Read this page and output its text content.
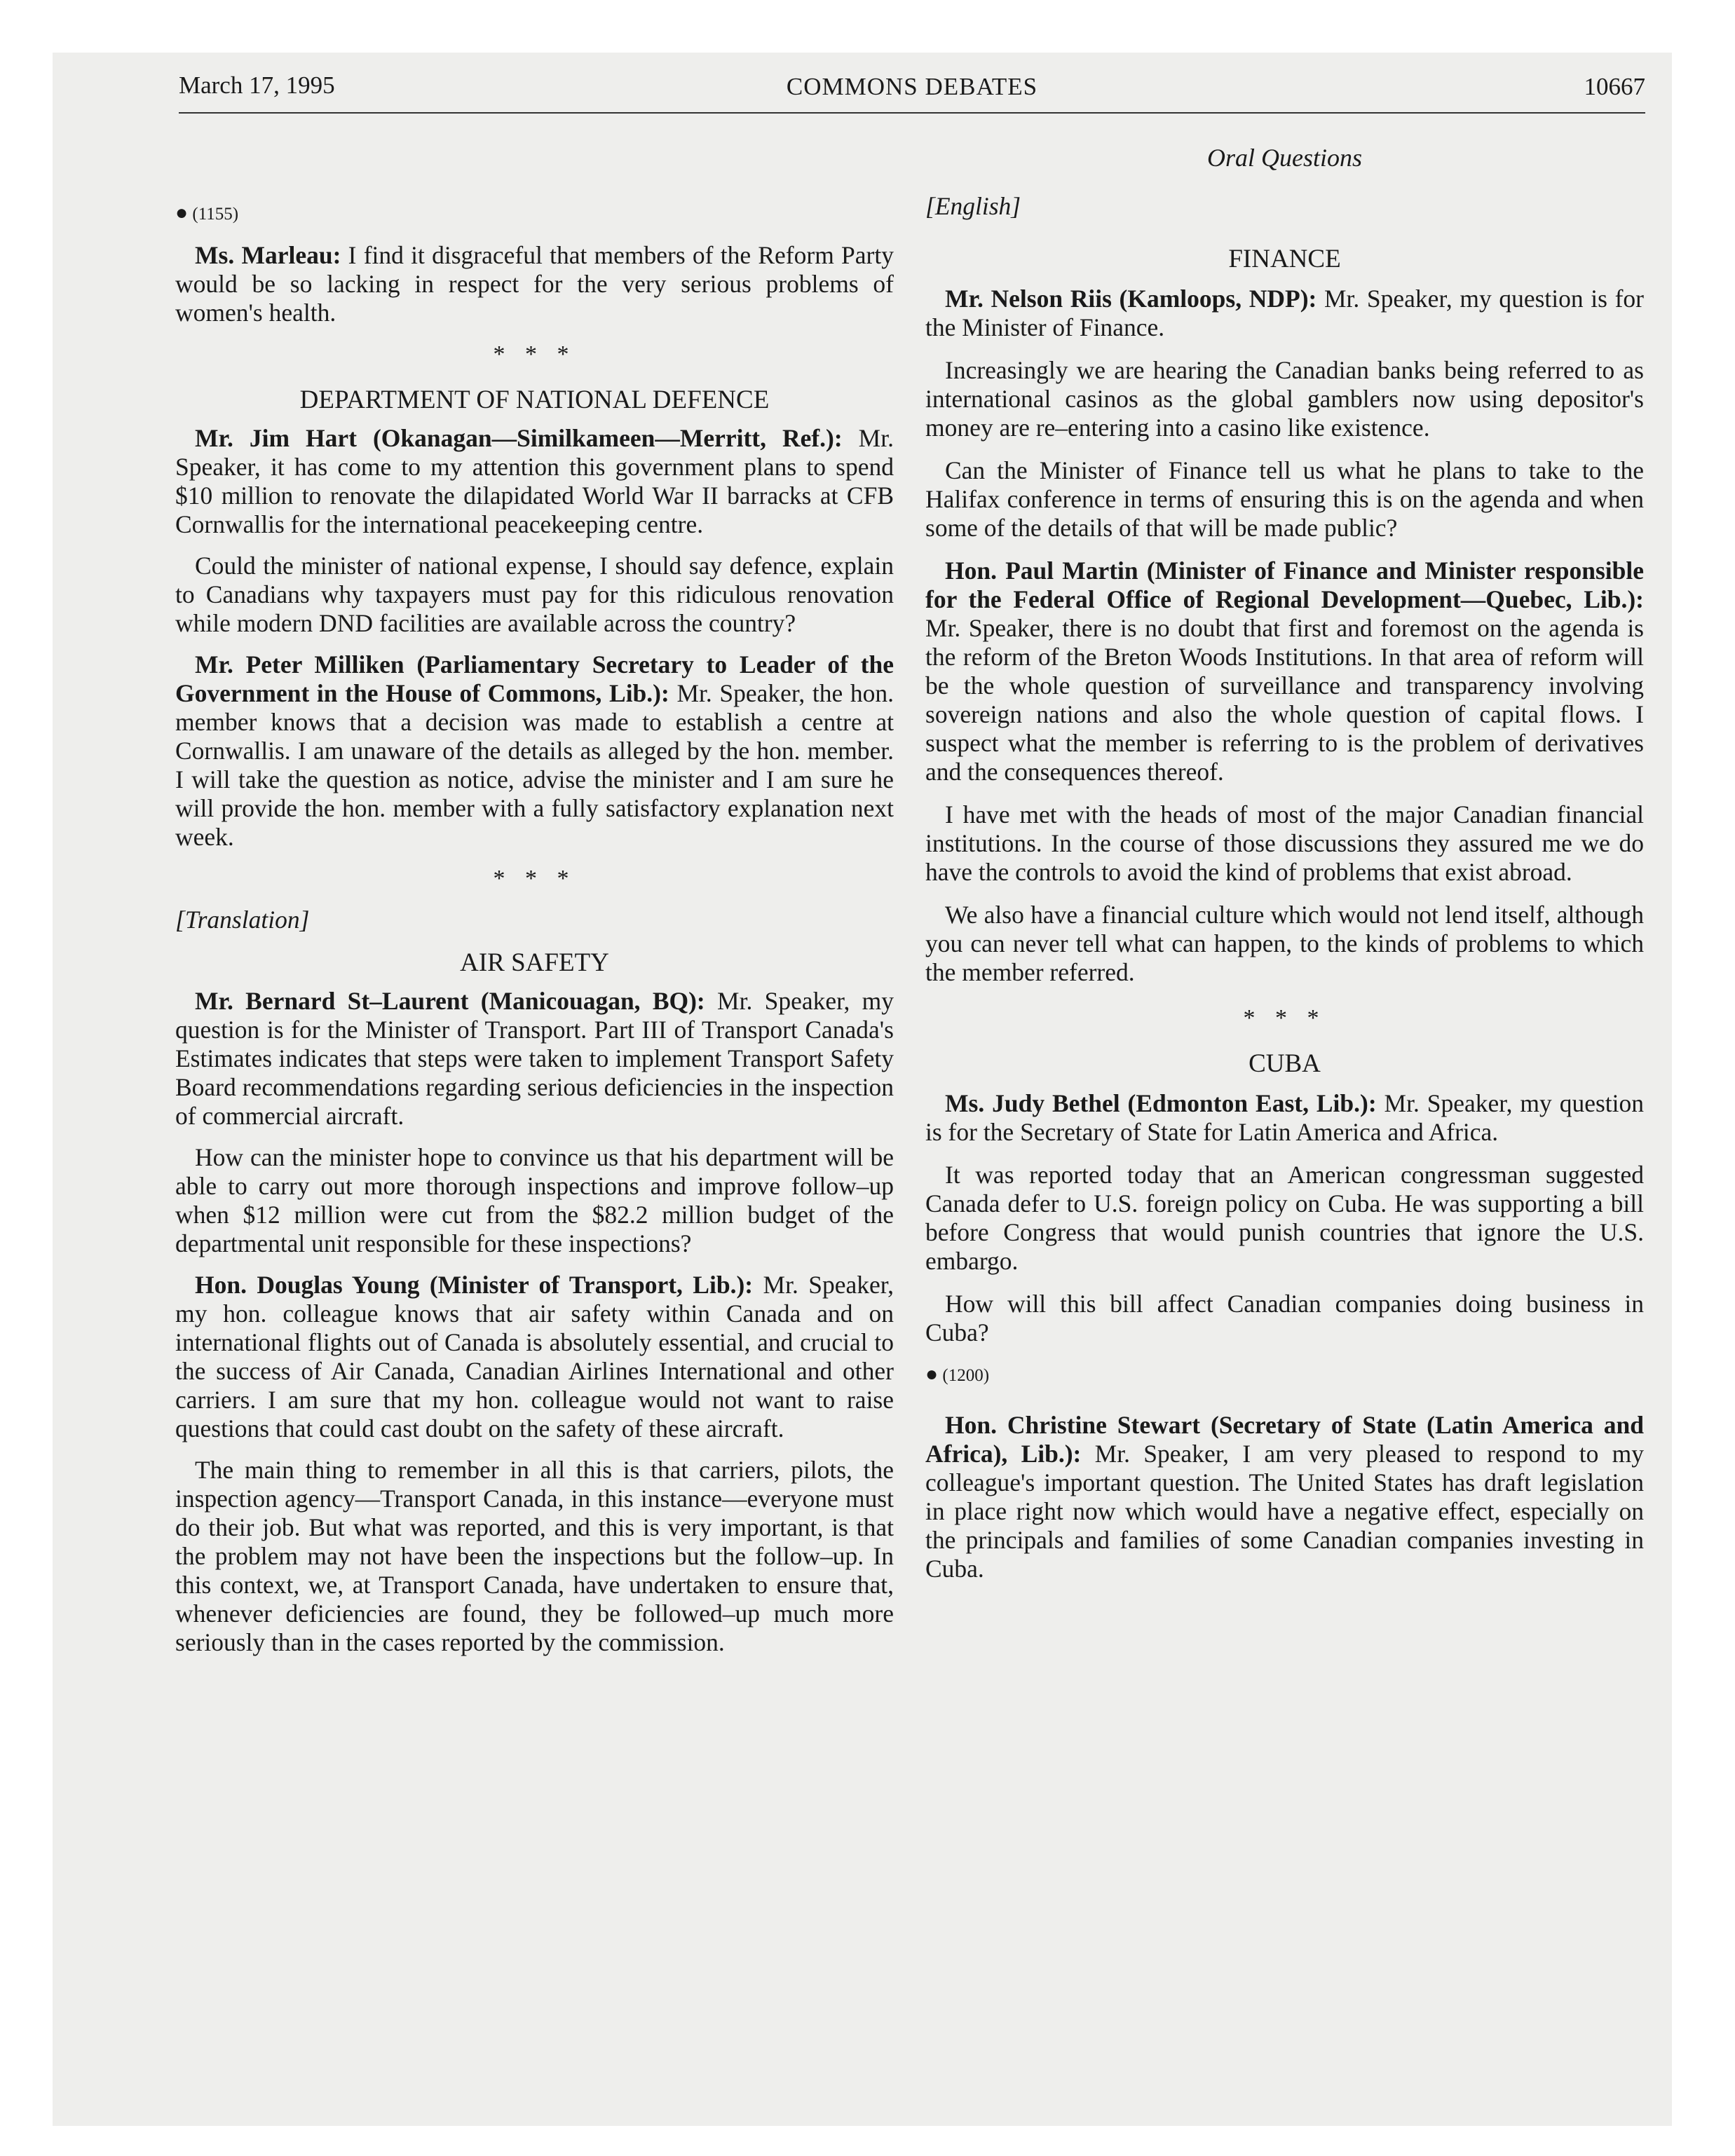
March 17, 1995	COMMONS DEBATES	10667

● (1155)

Ms. Marleau: I find it disgraceful that members of the Reform Party would be so lacking in respect for the very serious problems of women's health.

* * *

DEPARTMENT OF NATIONAL DEFENCE

Mr. Jim Hart (Okanagan—Similkameen—Merritt, Ref.): Mr. Speaker, it has come to my attention this government plans to spend $10 million to renovate the dilapidated World War II barracks at CFB Cornwallis for the international peacekeeping centre.

Could the minister of national expense, I should say defence, explain to Canadians why taxpayers must pay for this ridiculous renovation while modern DND facilities are available across the country?

Mr. Peter Milliken (Parliamentary Secretary to Leader of the Government in the House of Commons, Lib.): Mr. Speaker, the hon. member knows that a decision was made to establish a centre at Cornwallis. I am unaware of the details as alleged by the hon. member. I will take the question as notice, advise the minister and I am sure he will provide the hon. member with a fully satisfactory explanation next week.

* * *

[Translation]

AIR SAFETY

Mr. Bernard St–Laurent (Manicouagan, BQ): Mr. Speaker, my question is for the Minister of Transport. Part III of Transport Canada's Estimates indicates that steps were taken to implement Transport Safety Board recommendations regarding serious deficiencies in the inspection of commercial aircraft.

How can the minister hope to convince us that his department will be able to carry out more thorough inspections and improve follow–up when $12 million were cut from the $82.2 million budget of the departmental unit responsible for these inspections?

Hon. Douglas Young (Minister of Transport, Lib.): Mr. Speaker, my hon. colleague knows that air safety within Canada and on international flights out of Canada is absolutely essential, and crucial to the success of Air Canada, Canadian Airlines International and other carriers. I am sure that my hon. colleague would not want to raise questions that could cast doubt on the safety of these aircraft.

The main thing to remember in all this is that carriers, pilots, the inspection agency—Transport Canada, in this instance—everyone must do their job. But what was reported, and this is very important, is that the problem may not have been the inspections but the follow–up. In this context, we, at Transport Canada, have undertaken to ensure that, whenever deficiencies are found, they be followed–up much more seriously than in the cases reported by the commission.

Oral Questions

[English]

FINANCE

Mr. Nelson Riis (Kamloops, NDP): Mr. Speaker, my question is for the Minister of Finance.

Increasingly we are hearing the Canadian banks being referred to as international casinos as the global gamblers now using depositor's money are re–entering into a casino like existence.

Can the Minister of Finance tell us what he plans to take to the Halifax conference in terms of ensuring this is on the agenda and when some of the details of that will be made public?

Hon. Paul Martin (Minister of Finance and Minister responsible for the Federal Office of Regional Development—Quebec, Lib.): Mr. Speaker, there is no doubt that first and foremost on the agenda is the reform of the Breton Woods Institutions. In that area of reform will be the whole question of surveillance and transparency involving sovereign nations and also the whole question of capital flows. I suspect what the member is referring to is the problem of derivatives and the consequences thereof.

I have met with the heads of most of the major Canadian financial institutions. In the course of those discussions they assured me we do have the controls to avoid the kind of problems that exist abroad.

We also have a financial culture which would not lend itself, although you can never tell what can happen, to the kinds of problems to which the member referred.

* * *

CUBA

Ms. Judy Bethel (Edmonton East, Lib.): Mr. Speaker, my question is for the Secretary of State for Latin America and Africa.

It was reported today that an American congressman suggested Canada defer to U.S. foreign policy on Cuba. He was supporting a bill before Congress that would punish countries that ignore the U.S. embargo.

How will this bill affect Canadian companies doing business in Cuba?

● (1200)

Hon. Christine Stewart (Secretary of State (Latin America and Africa), Lib.): Mr. Speaker, I am very pleased to respond to my colleague's important question. The United States has draft legislation in place right now which would have a negative effect, especially on the principals and families of some Canadian companies investing in Cuba.
